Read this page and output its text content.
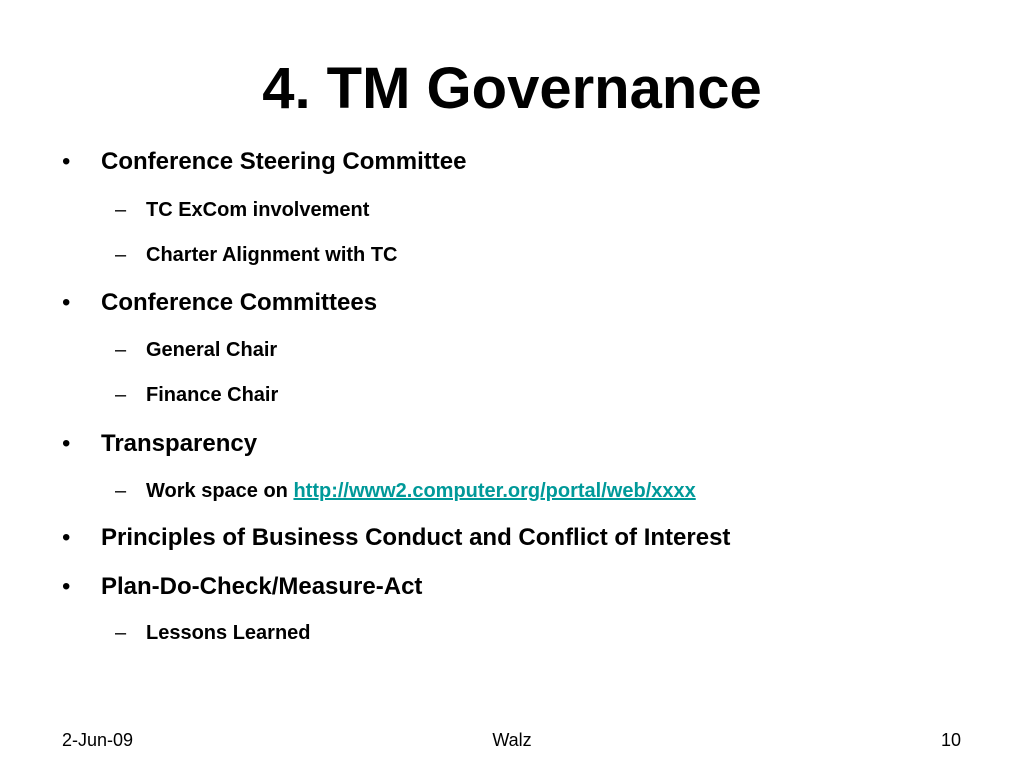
4. TM Governance
• Conference Steering Committee
– TC ExCom involvement
– Charter Alignment with TC
• Conference Committees
– General Chair
– Finance Chair
• Transparency
– Work space on http://www2.computer.org/portal/web/xxxx
• Principles of Business Conduct and Conflict of Interest
• Plan-Do-Check/Measure-Act
– Lessons Learned
2-Jun-09	Walz	10
